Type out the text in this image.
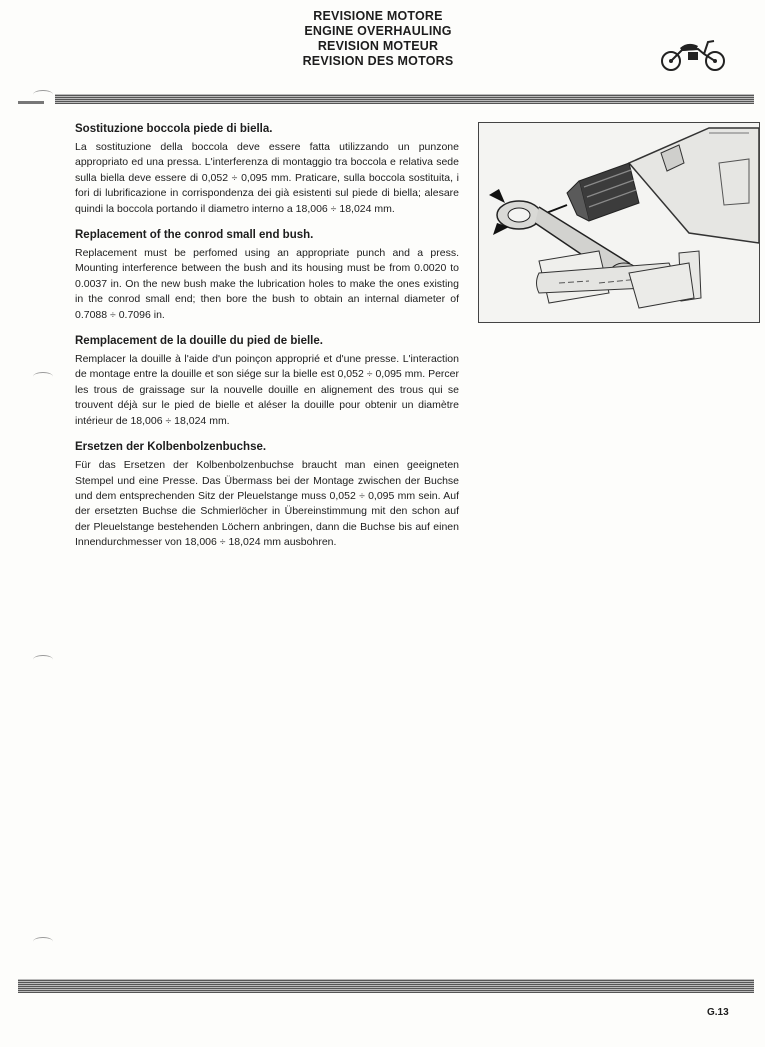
REVISIONE MOTORE
ENGINE OVERHAULING
REVISION MOTEUR
REVISION DES MOTORS
Sostituzione boccola piede di biella.

La sostituzione della boccola deve essere fatta utilizzando un punzone appropriato ed una pressa. L'interferenza di montaggio tra boccola e relativa sede sulla biella deve essere di 0,052 ÷ 0,095 mm. Praticare, sulla boccola sostituita, i fori di lubrificazione in corrispondenza dei già esistenti sul piede di biella; alesare quindi la boccola portando il diametro interno a 18,006 ÷ 18,024 mm.

Replacement of the conrod small end bush.

Replacement must be perfomed using an appropriate punch and a press. Mounting interference between the bush and its housing must be from 0.0020 to 0.0037 in. On the new bush make the lubrication holes to make the ones existing in the conrod small end; then bore the bush to obtain an internal diameter of 0.7088 ÷ 0.7096 in.

Remplacement de la douille du pied de bielle.

Remplacer la douille à l'aide d'un poinçon approprié et d'une presse. L'interaction de montage entre la douille et son siége sur la bielle est 0,052 ÷ 0,095 mm. Percer les trous de graissage sur la nouvelle douille en alignement des trous qui se trouvent déjà sur le pied de bielle et aléser la douille pour obtenir un diamètre intérieur de 18,006 ÷ 18,024 mm.

Ersetzen der Kolbenbolzenbuchse.

Für das Ersetzen der Kolbenbolzenbuchse braucht man einen geeigneten Stempel und eine Presse. Das Übermass bei der Montage zwischen der Buchse und dem entsprechenden Sitz der Pleuelstange muss 0,052 ÷ 0,095 mm sein. Auf der ersetzten Buchse die Schmierlöcher in Übereinstimmung mit den schon auf der Pleuelstange bestehenden Löchern anbringen, dann die Buchse bis auf einen Innendurchmesser von 18,006 ÷ 18,024 mm ausbohren.

G.13
